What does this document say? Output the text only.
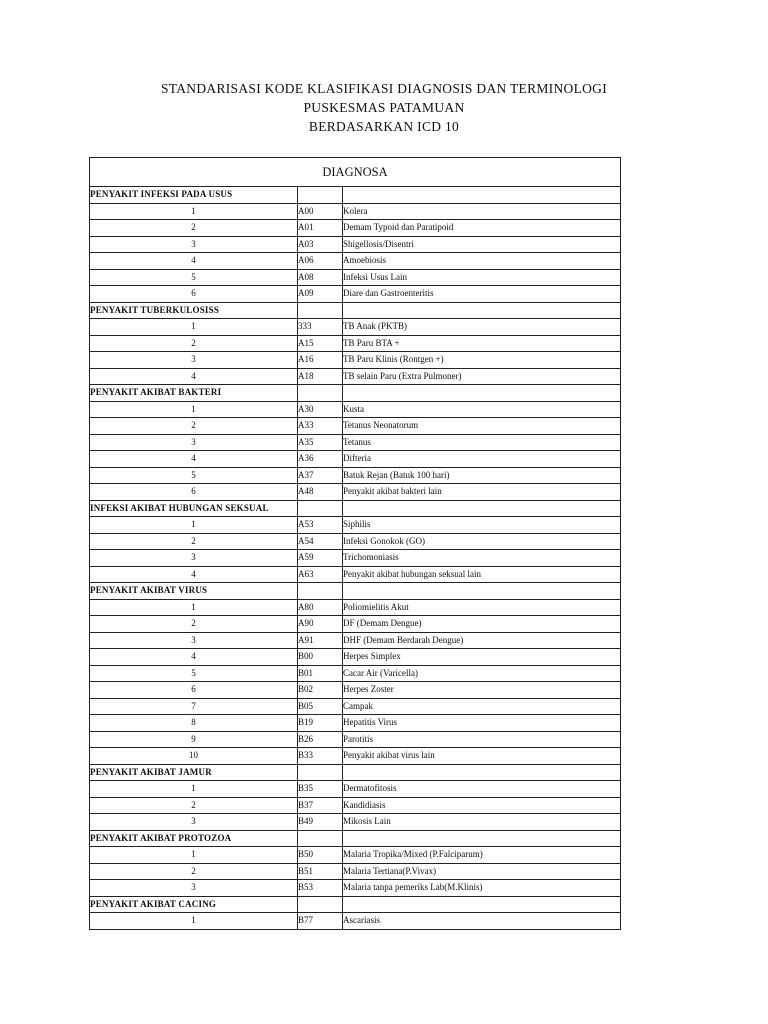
STANDARISASI KODE KLASIFIKASI DIAGNOSIS DAN TERMINOLOGI
PUSKESMAS PATAMUAN
BERDASARKAN ICD 10
DIAGNOSA		
PENYAKIT INFEKSI PADA USUS		
1	A00	Kolera
2	A01	Demam Typoid dan Paratipoid
3	A03	Shigellosis/Disentri
4	A06	Amoebiosis
5	A08	Infeksi Usus Lain
6	A09	Diare dan Gastroenteritis
PENYAKIT TUBERKULOSISS		
1	333	TB Anak (PKTB)
2	A15	TB Paru BTA +
3	A16	TB Paru Klinis (Rontgen +)
4	A18	TB selain Paru (Extra Pulmoner)
PENYAKIT AKIBAT BAKTERI		
1	A30	Kusta
2	A33	Tetanus Neonatorum
3	A35	Tetanus
4	A36	Difteria
5	A37	Batuk Rejan (Batuk 100 hari)
6	A48	Penyakit akibat bakteri lain
INFEKSI AKIBAT HUBUNGAN SEKSUAL		
1	A53	Siphilis
2	A54	Infeksi Gonokok (GO)
3	A59	Trichomoniasis
4	A63	Penyakit akibat hubungan seksual lain
PENYAKIT AKIBAT VIRUS		
1	A80	Poliomielitis Akut
2	A90	DF (Demam Dengue)
3	A91	DHF (Demam Berdarah Dengue)
4	B00	Herpes Simplex
5	B01	Cacar Air (Varicella)
6	B02	Herpes Zoster
7	B05	Campak
8	B19	Hepatitis Virus
9	B26	Parotitis
10	B33	Penyakit akibat virus lain
PENYAKIT AKIBAT JAMUR		
1	B35	Dermatofitosis
2	B37	Kandidiasis
3	B49	Mikosis Lain
PENYAKIT AKIBAT PROTOZOA		
1	B50	Malaria Tropika/Mixed (P.Falciparum)
2	B51	Malaria Tertiana(P.Vivax)
3	B53	Malaria tanpa pemeriks Lab(M.Klinis)
PENYAKIT AKIBAT CACING		
1	B77	Ascariasis
